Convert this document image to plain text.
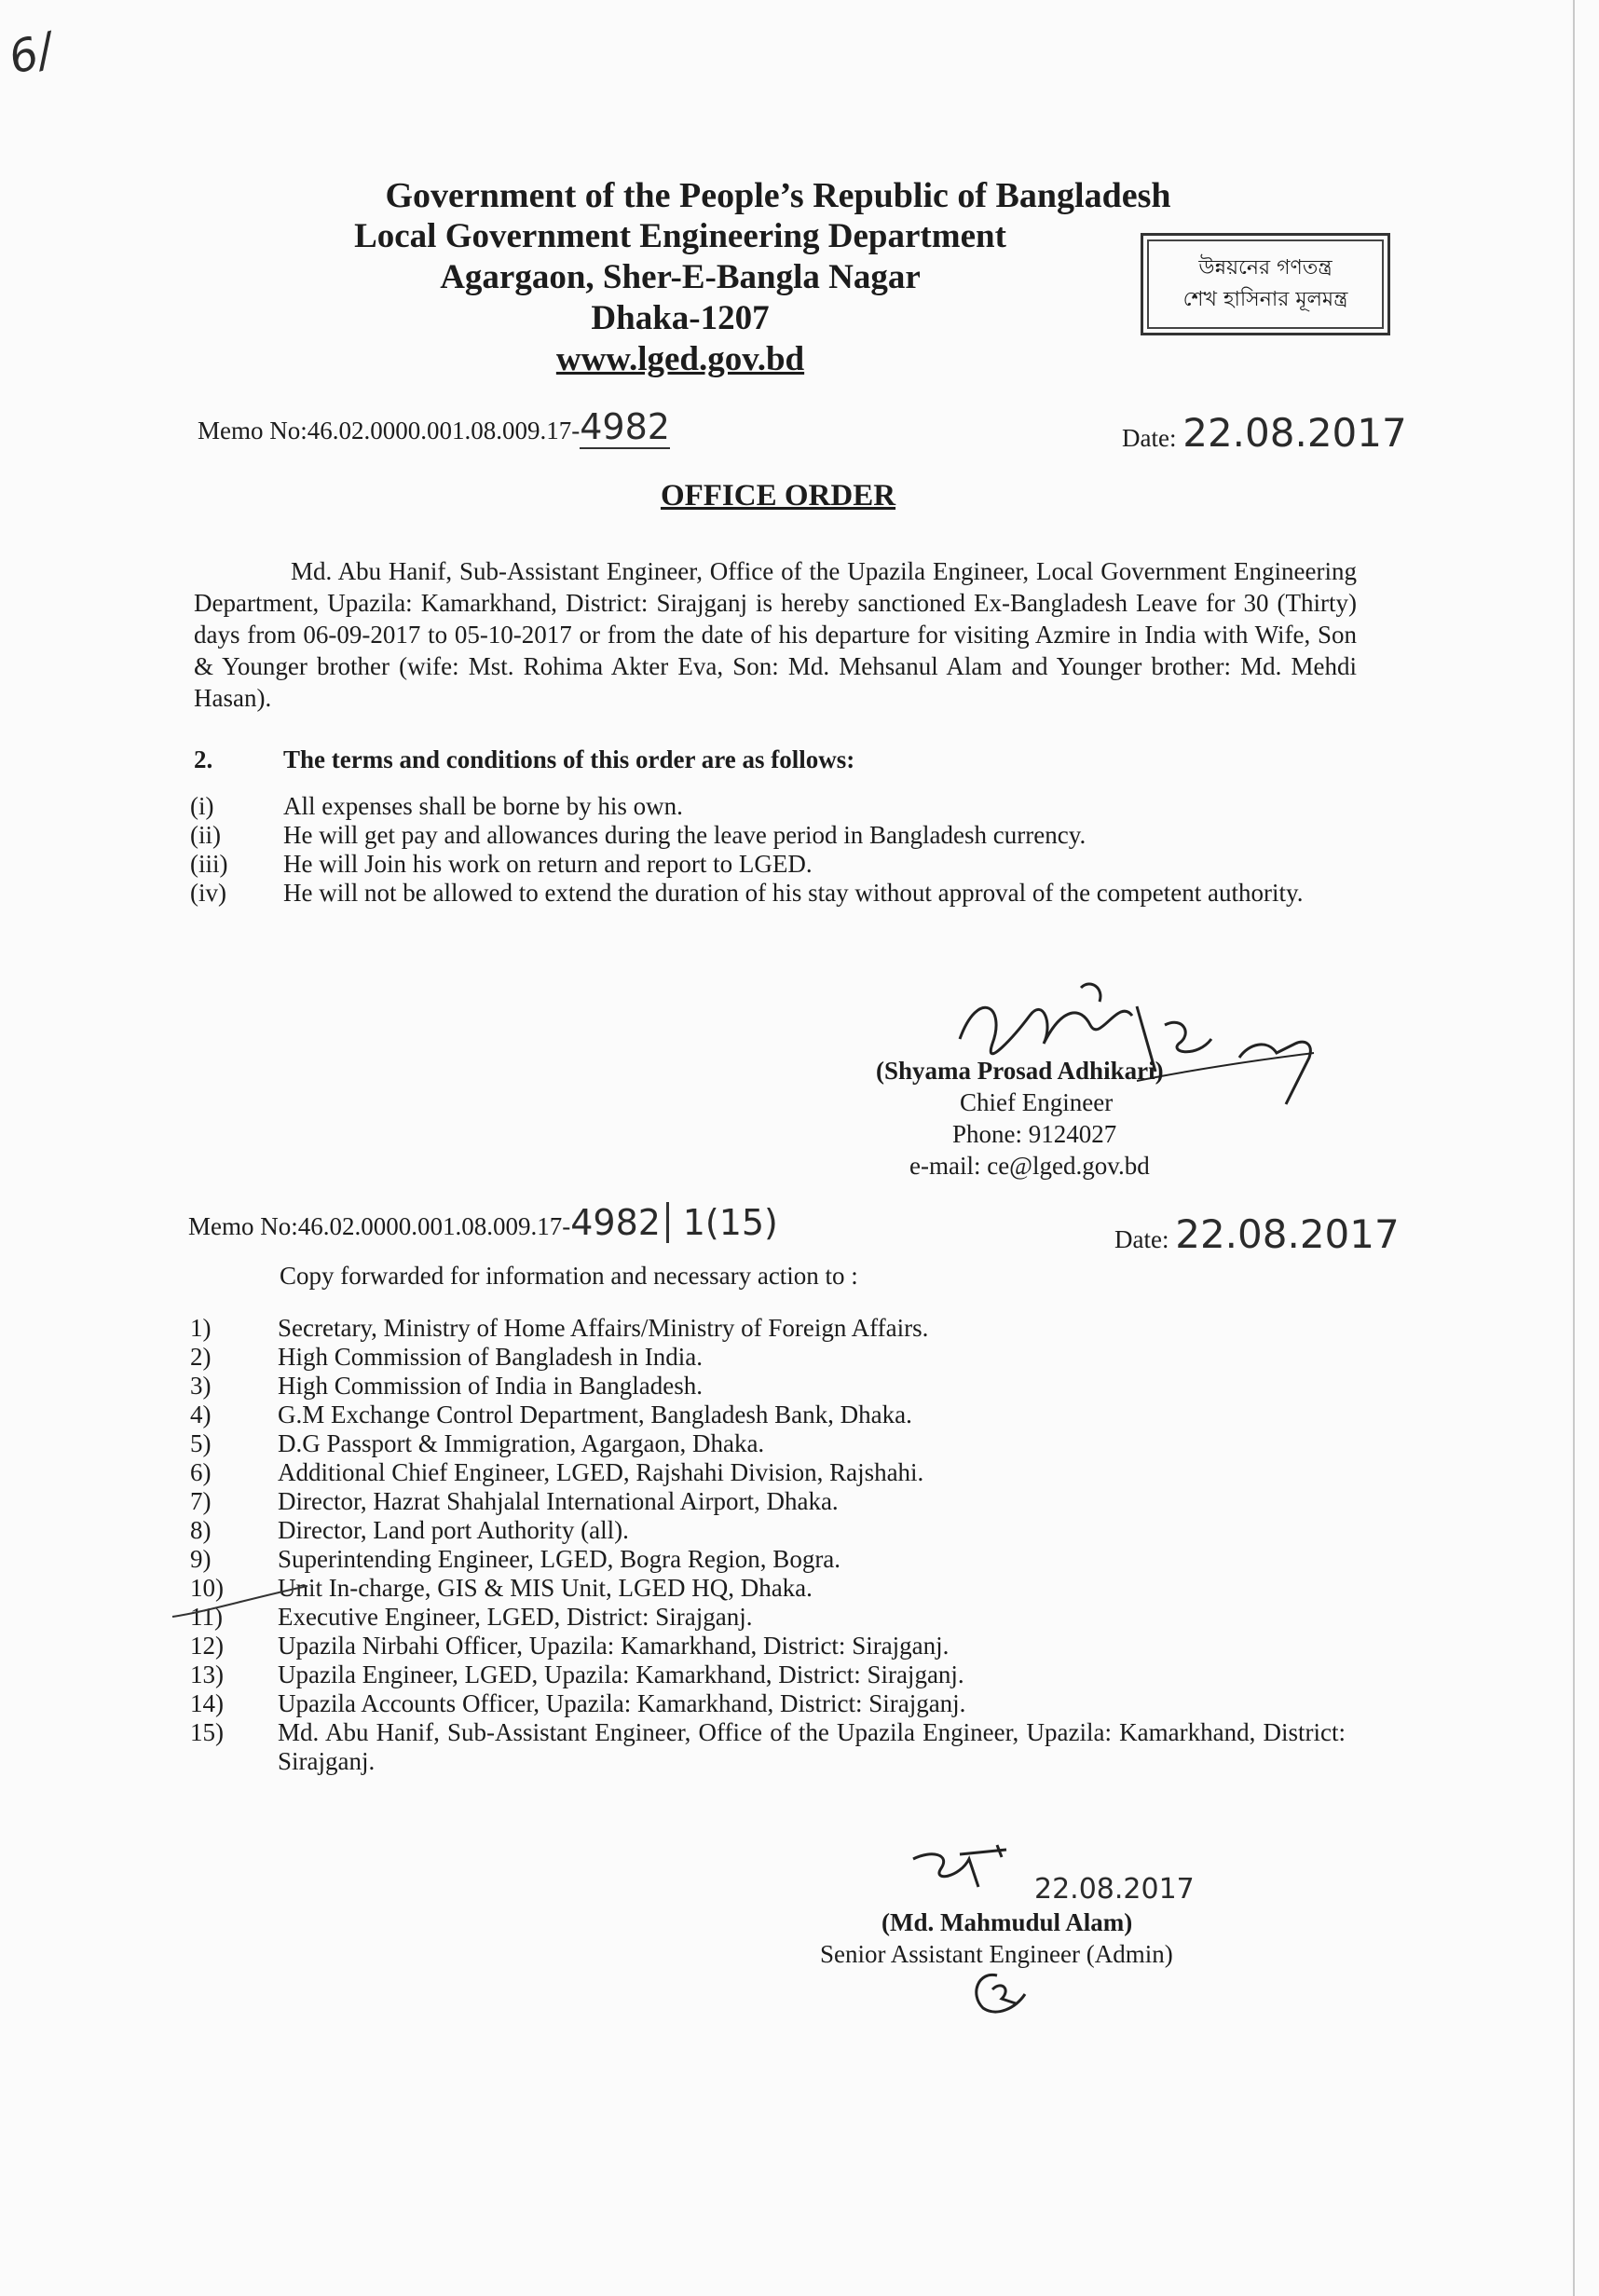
6/
Government of the People’s Republic of Bangladesh
Local Government Engineering Department
Agargaon, Sher-E-Bangla Nagar
Dhaka-1207
www.lged.gov.bd
উন্নয়নের গণতন্ত্র
শেখ হাসিনার মূলমন্ত্র
Memo No:46.02.0000.001.08.009.17-4982	Date: 22.08.2017
OFFICE ORDER
Md. Abu Hanif, Sub-Assistant Engineer, Office of the Upazila Engineer, Local Government Engineering Department, Upazila: Kamarkhand, District: Sirajganj is hereby sanctioned Ex-Bangladesh Leave for 30 (Thirty) days from 06-09-2017 to 05-10-2017 or from the date of his departure for visiting Azmire in India with Wife, Son & Younger brother (wife: Mst. Rohima Akter Eva, Son: Md. Mehsanul Alam and Younger brother: Md. Mehdi Hasan).
2.	The terms and conditions of this order are as follows:
(i)	All expenses shall be borne by his own.
(ii)	He will get pay and allowances during the leave period in Bangladesh currency.
(iii)	He will Join his work on return and report to LGED.
(iv)	He will not be allowed to extend the duration of his stay without approval of the competent authority.
(Shyama Prosad Adhikari)
Chief Engineer
Phone: 9124027
e-mail: ce@lged.gov.bd
Memo No:46.02.0000.001.08.009.17-4982 1(15)	Date: 22.08.2017
Copy forwarded for information and necessary action to :
1)	Secretary, Ministry of Home Affairs/Ministry of Foreign Affairs.
2)	High Commission of Bangladesh in India.
3)	High Commission of India in Bangladesh.
4)	G.M Exchange Control Department, Bangladesh Bank, Dhaka.
5)	D.G Passport & Immigration, Agargaon, Dhaka.
6)	Additional Chief Engineer, LGED, Rajshahi Division, Rajshahi.
7)	Director, Hazrat Shahjalal International Airport, Dhaka.
8)	Director, Land port Authority (all).
9)	Superintending Engineer, LGED, Bogra Region, Bogra.
10)	Unit In-charge, GIS & MIS Unit, LGED HQ, Dhaka.
11)	Executive Engineer, LGED, District: Sirajganj.
12)	Upazila Nirbahi Officer, Upazila: Kamarkhand, District: Sirajganj.
13)	Upazila Engineer, LGED, Upazila: Kamarkhand, District: Sirajganj.
14)	Upazila Accounts Officer, Upazila: Kamarkhand, District: Sirajganj.
15)	Md. Abu Hanif, Sub-Assistant Engineer, Office of the Upazila Engineer, Upazila: Kamarkhand, District: Sirajganj.
22.08.2017
(Md. Mahmudul Alam)
Senior Assistant Engineer (Admin)
